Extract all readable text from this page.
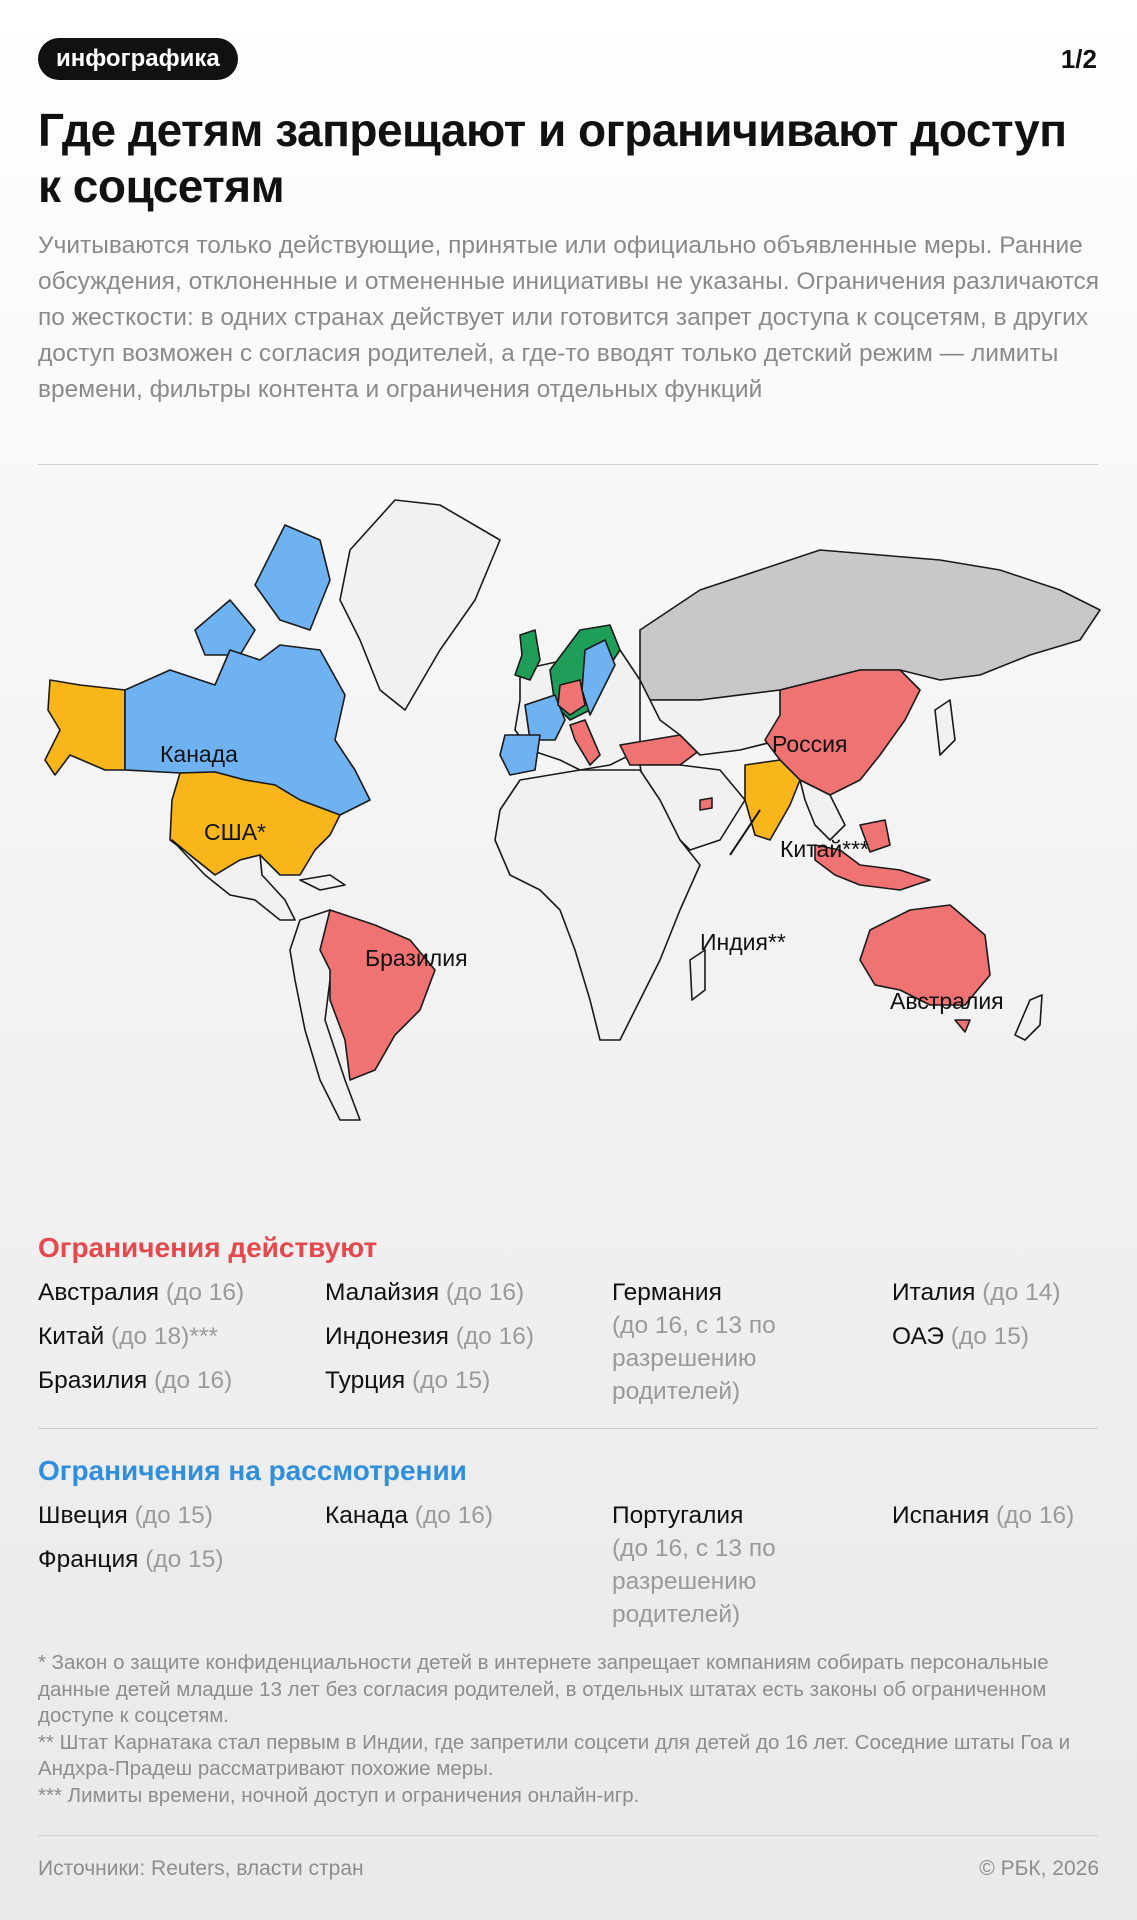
инфографика	1/2
Где детям запрещают и ограничивают доступ к соцсетям
Учитываются только действующие, принятые или официально объявленные меры. Ранние обсуждения, отклоненные и отмененные инициативы не указаны. Ограничения различаются по жесткости: в одних странах действует или готовится запрет доступа к соцсетям, в других доступ возможен с согласия родителей, а где-то вводят только детский режим — лимиты времени, фильтры контента и ограничения отдельных функций
Канада
США*
Россия
Китай***
Индия**
Бразилия
Австралия
Ограничения действуют
Австралия (до 16)
Китай (до 18)***
Бразилия (до 16)
Малайзия (до 16)
Индонезия (до 16)
Турция (до 15)
Германия
(до 16, с 13 по разрешению родителей)
Италия (до 14)
ОАЭ (до 15)
Ограничения на рассмотрении
Швеция (до 15)
Франция (до 15)
Канада (до 16)	Португалия
(до 16, с 13 по разрешению родителей)
Испания (до 16)
* Закон о защите конфиденциальности детей в интернете запрещает компаниям собирать персональные данные детей младше 13 лет без согласия родителей, в отдельных штатах есть законы об ограниченном доступе к соцсетям.
** Штат Карнатака стал первым в Индии, где запретили соцсети для детей до 16 лет. Соседние штаты Гоа и Андхра-Прадеш рассматривают похожие меры.
*** Лимиты времени, ночной доступ и ограничения онлайн-игр.
Источники: Reuters, власти стран	© РБК, 2026
